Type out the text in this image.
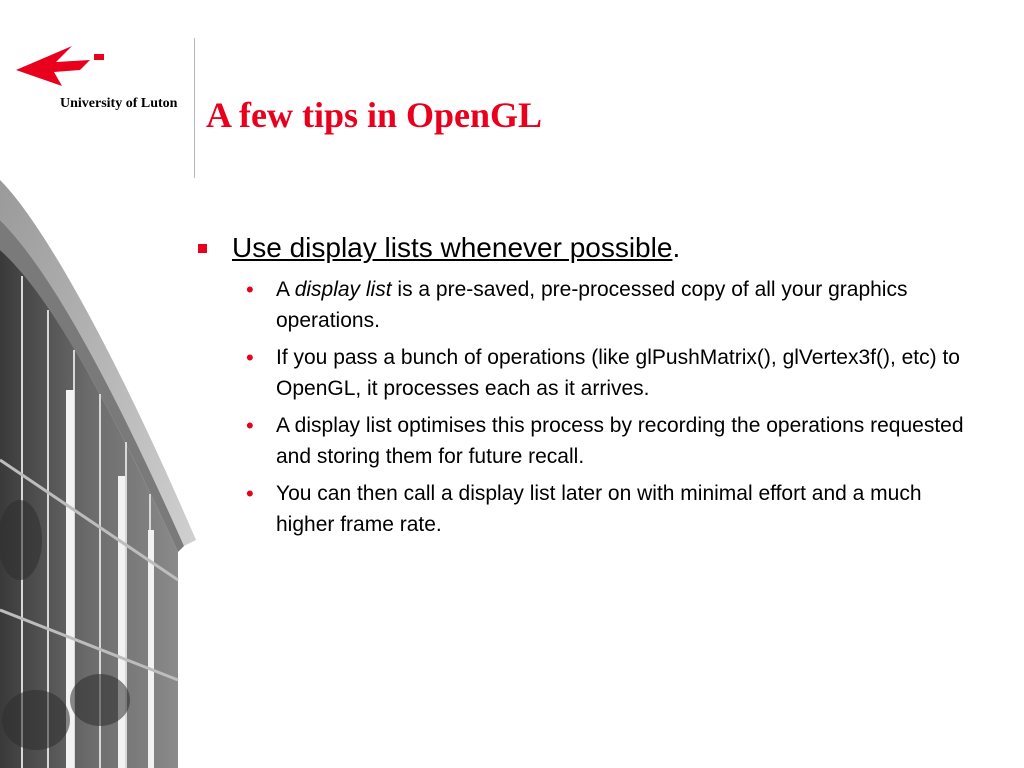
University of Luton A few tips in OpenGL
Use display lists whenever possible.
• A display list is a pre-saved, pre-processed copy of all your graphics operations.
• If you pass a bunch of operations (like glPushMatrix(), glVertex3f(), etc) to OpenGL, it processes each as it arrives.
• A display list optimises this process by recording the operations requested and storing them for future recall.
• You can then call a display list later on with minimal effort and a much higher frame rate.
